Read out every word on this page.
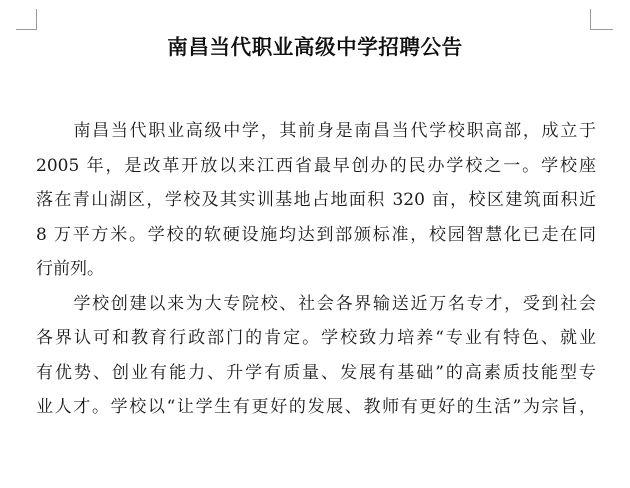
南昌当代职业高级中学招聘公告
　　南昌当代职业高级中学，其前身是南昌当代学校职高部，成立于
2005 年，是改革开放以来江西省最早创办的民办学校之一。学校座
落在青山湖区，学校及其实训基地占地面积 320 亩，校区建筑面积近
8 万平方米。学校的软硬设施均达到部颁标准，校园智慧化已走在同
行前列。
　　学校创建以来为大专院校、社会各界输送近万名专才，受到社会
各界认可和教育行政部门的肯定。学校致力培养“专业有特色、就业
有优势、创业有能力、升学有质量、发展有基础”的高素质技能型专
业人才。学校以“让学生有更好的发展、教师有更好的生活”为宗旨，
